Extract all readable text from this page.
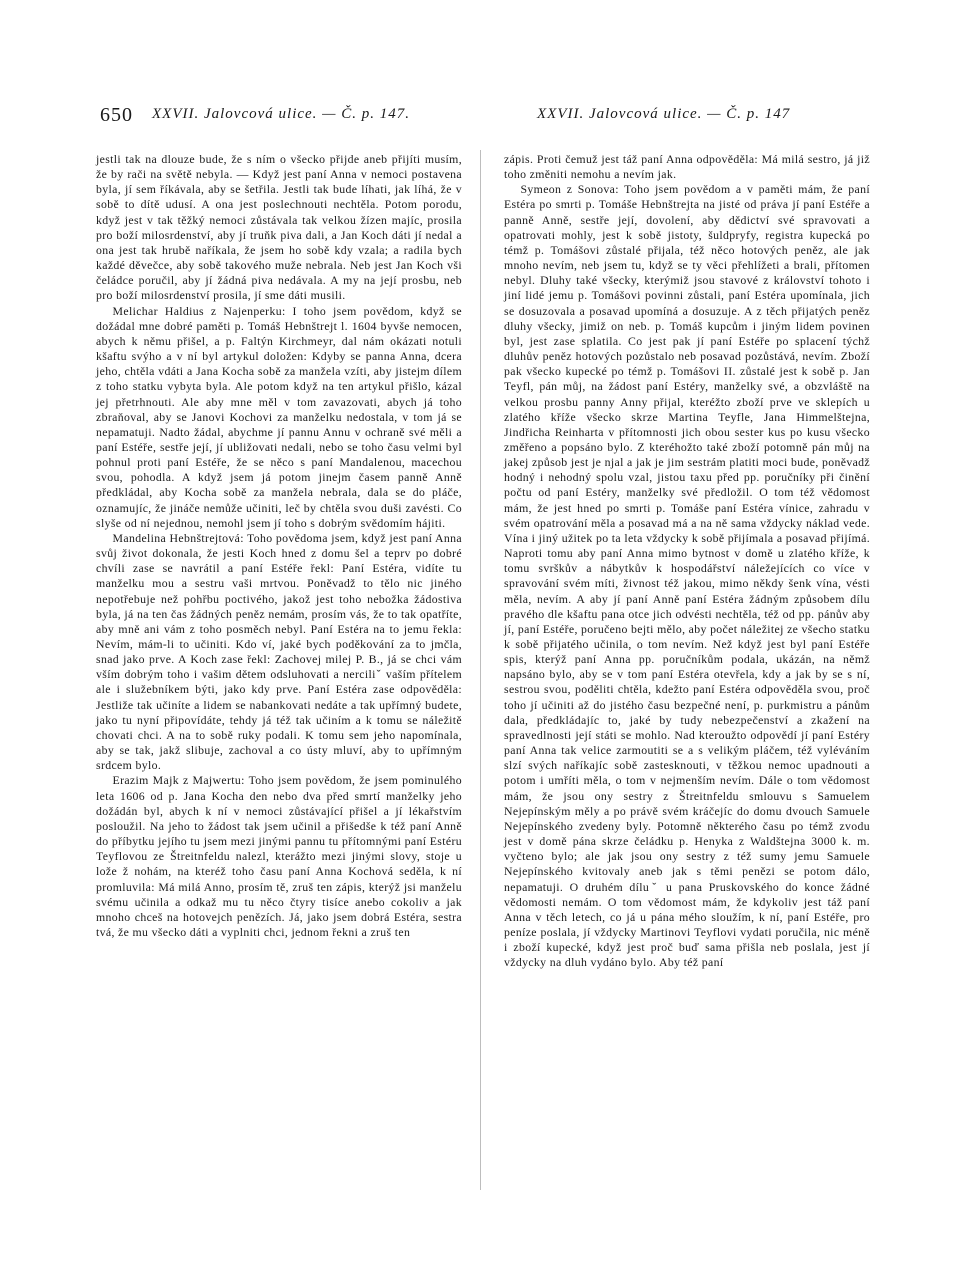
650 XXVII. Jalovcová ulice. — Č. p. 147.	XXVII. Jalovcová ulice. — Č. p. 147

jestli tak na dlouze bude, že s ním o všecko přijde aneb přijíti musím, že by rači na světě nebyla. — Když jest paní Anna v nemoci postavena byla, jí sem říkávala, aby se šetřila. Jestli tak bude líhati, jak líhá, že v sobě to dítě udusí. A ona jest poslechnouti nechtěla. Potom porodu, když jest v tak těžký nemoci zůstávala tak velkou žízen majíc, prosila pro boží milosrdenství, aby jí truňk piva dali, a Jan Koch dáti jí nedal a ona jest tak hrubě naříkala, že jsem ho sobě kdy vzala; a radila bych každé děvečce, aby sobě takového muže nebrala. Neb jest Jan Koch vši čeládce poručil, aby jí žádná piva nedávala. A my na její prosbu, neb pro boží milosrdenství prosila, jí sme dáti musili.

Melichar Haldius z Najenperku: I toho jsem povědom, když se dožádal mne dobré paměti p. Tomáš Hebnštrejt l. 1604 byvše nemocen, abych k němu přišel, a p. Faltýn Kirchmeyr, dal nám okázati notuli kšaftu svýho a v ní byl artykul doložen: Kdyby se panna Anna, dcera jeho, chtěla vdáti a Jana Kocha sobě za manžela vzíti, aby jistejm dílem z toho statku vybyta byla. Ale potom když na ten artykul přišlo, kázal jej přetrhnouti. Ale aby mne měl v tom zavazovati, abych já toho zbraňoval, aby se Janovi Kochovi za manželku nedostala, v tom já se nepamatuji. Nadto žádal, abychme jí pannu Annu v ochraně své měli a paní Estéře, sestře její, jí ubližovati nedali, nebo se toho času velmi byl pohnul proti paní Estéře, že se něco s paní Mandalenou, macechou svou, pohodla. A když jsem já potom jinejm časem panně Anně předkládal, aby Kocha sobě za manžela nebrala, dala se do pláče, oznamujíc, že jináče nemůže učiniti, leč by chtěla svou duši zavésti. Co slyše od ní nejednou, nemohl jsem jí toho s dobrým svědomím hájiti.

Mandelina Hebnštrejtová: Toho povědoma jsem, když jest paní Anna svůj život dokonala, že jesti Koch hned z domu šel a teprv po dobré chvíli zase se navrátil a paní Estéře řekl: Paní Estéra, vidíte tu manželku mou a sestru vaši mrtvou. Poněvadž to tělo nic jiného nepotřebuje než pohřbu poctivého, jakož jest toho nebožka žádostiva byla, já na ten čas žádných peněz nemám, prosím vás, že to tak opatříte, aby mně ani vám z toho posměch nebyl. Paní Estéra na to jemu řekla: Nevím, mám-li to učiniti. Kdo ví, jaké bych poděkování za to jmčla, snad jako prve. A Koch zase řekl: Zachovej milej P. B., já se chci vám vším dobrým toho i vašim dětem odsluhovati a nerciliˇ vaším přítelem ale i služebníkem býti, jako kdy prve. Paní Estéra zase odpověděla: Jestliže tak učiníte a lidem se nabankovati nedáte a tak upřímný budete, jako tu nyní připovídáte, tehdy já též tak učiním a k tomu se náležitě chovati chci. A na to sobě ruky podali. K tomu sem jeho napomínala, aby se tak, jakž slibuje, zachoval a co ústy mluví, aby to upřímným srdcem bylo.

Erazim Majk z Majwertu: Toho jsem povědom, že jsem pominulého leta 1606 od p. Jana Kocha den nebo dva před smrtí manželky jeho dožádán byl, abych k ní v nemoci zůstávající přišel a jí lékařstvím posloužil. Na jeho to žádost tak jsem učinil a přišedše k též paní Anně do příbytku jejího tu jsem mezi jinými pannu tu přítomnými paní Estéru Teyflovou ze Štreitnfeldu nalezl, kterážto mezi jinými slovy, stoje u lože ž nohám, na kteréž toho času paní Anna Kochová seděla, k ní promluvila: Má milá Anno, prosím tě, zruš ten zápis, kterýž jsi manželu svému učinila a odkaž mu tu něco čtyry tisíce anebo cokoliv a jak mnoho chceš na hotovejch penězích. Já, jako jsem dobrá Estéra, sestra tvá, že mu všecko dáti a vyplniti chci, jednom řekni a zruš ten

zápis. Proti čemuž jest táž paní Anna odpověděla: Má milá sestro, já již toho změniti nemohu a nevím jak.

Symeon z Sonova: Toho jsem povědom a v paměti mám, že paní Estéra po smrti p. Tomáše Hebnštrejta na jisté od práva jí paní Estéře a panně Anně, sestře její, dovolení, aby dědictví své spravovati a opatrovati mohly, jest k sobě jistoty, šuldpryfy, registra kupecká po témž p. Tomášovi zůstalé přijala, též něco hotových peněz, ale jak mnoho nevím, neb jsem tu, když se ty věci přehlížeti a brali, přítomen nebyl. Dluhy také všecky, kterýmiž jsou stavové z království tohoto i jiní lidé jemu p. Tomášovi povinni zůstali, paní Estéra upomínala, jich se dosuzovala a posavad upomíná a dosuzuje. A z těch přijatých peněz dluhy všecky, jimiž on neb. p. Tomáš kupcům i jiným lidem povinen byl, jest zase splatila. Co jest pak jí paní Estéře po splacení týchž dluhův peněz hotových pozůstalo neb posavad pozůstává, nevím. Zboží pak všecko kupecké po témž p. Tomášovi II. zůstalé jest k sobě p. Jan Teyfl, pán můj, na žádost paní Estéry, manželky své, a obzvláště na velkou prosbu panny Anny přijal, kteréžto zboží prve ve sklepích u zlatého kříže všecko skrze Martina Teyfle, Jana Himmelštejna, Jindřicha Reinharta v přítomnosti jich obou sester kus po kusu všecko změřeno a popsáno bylo. Z kteréhožto také zboží potomně pán můj na jakej způsob jest je njal a jak je jim sestrám platiti moci bude, poněvadž hodný i nehodný spolu vzal, jistou taxu před pp. poručníky při činění počtu od paní Estéry, manželky své předložil. O tom též vědomost mám, že jest hned po smrti p. Tomáše paní Estéra vínice, zahradu v svém opatrování měla a posavad má a na ně sama vždycky náklad vede. Vína i jiný užitek po ta leta vždycky k sobě přijímala a posavad přijímá. Naproti tomu aby paní Anna mimo bytnost v domě u zlatého kříže, k tomu svrškův a nábytkův k hospodářství náležejících co více v spravování svém míti, živnost též jakou, mimo někdy šenk vína, vésti měla, nevím. A aby jí paní Anně paní Estéra žádným způsobem dílu pravého dle kšaftu pana otce jich odvésti nechtěla, též od pp. pánův aby jí, paní Estéře, poručeno bejti mělo, aby počet náležitej ze všecho statku k sobě přijatého učinila, o tom nevím. Než když jest byl paní Estéře spis, kterýž paní Anna pp. poručníkům podala, ukázán, na němž napsáno bylo, aby se v tom paní Estéra otevřela, kdy a jak by se s ní, sestrou svou, poděliti chtěla, kdežto paní Estéra odpověděla svou, proč toho jí učiniti až do jistého času bezpečné není, p. purkmistru a pánům dala, předkládajíc to, jaké by tudy nebezpečenství a zkažení na spravedlnosti její státi se mohlo. Nad kteroužto odpovědí jí paní Estéry paní Anna tak velice zarmoutiti se a s velikým pláčem, též vyléváním slzí svých naříkajíc sobě zastesknouti, v těžkou nemoc upadnouti a potom i umříti měla, o tom v nejmenším nevím. Dále o tom vědomost mám, že jsou ony sestry z Štreitnfeldu smlouvu s Samuelem Nejepínským měly a po právě svém kráčejíc do domu dvouch Samuele Nejepínského zvedeny byly. Potomně některého času po témž zvodu jest v domě pána skrze čeládku p. Henyka z Waldštejna 3000 k. m. vyčteno bylo; ale jak jsou ony sestry z též sumy jemu Samuele Nejepínského kvitovaly aneb jak s těmi penězi se potom dálo, nepamatuji. O druhém díluˇ u pana Pruskovského do konce žádné vědomosti nemám. O tom vědomost mám, že kdykoliv jest táž paní Anna v těch letech, co já u pána mého sloužím, k ní, paní Estéře, pro peníze poslala, jí vždycky Martinovi Teyflovi vydati poručila, nic méně i zboží kupecké, když jest proč buď sama přišla neb poslala, jest jí vždycky na dluh vydáno bylo. Aby též paní
